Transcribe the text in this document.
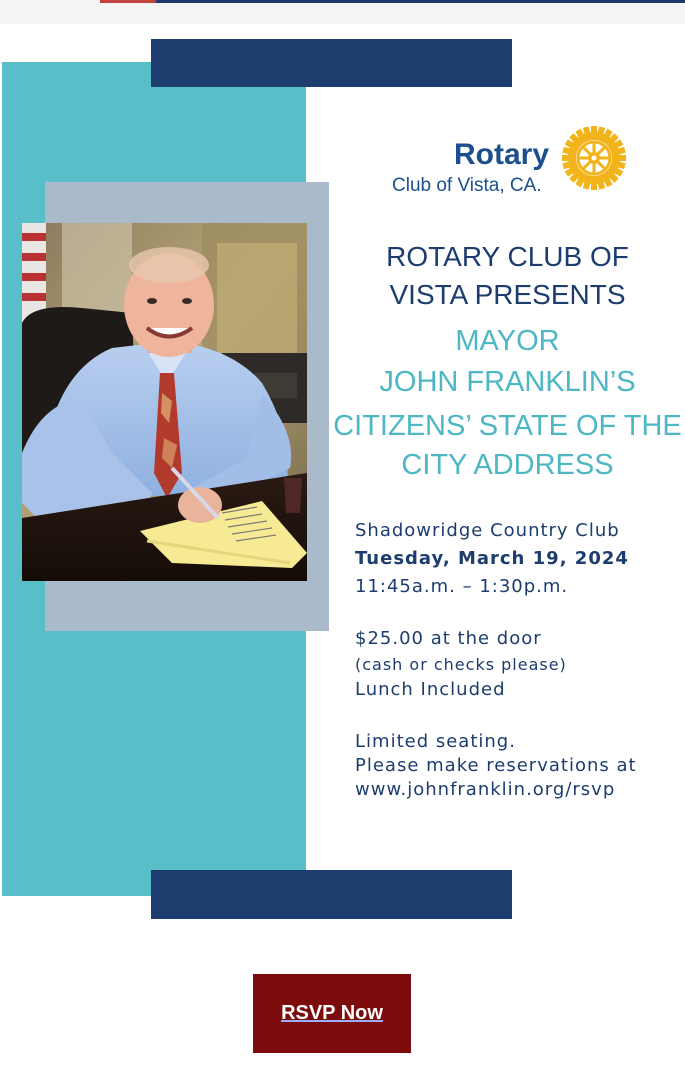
Rotary
Club of Vista, CA.
ROTARY CLUB OF
VISTA PRESENTS
MAYOR
JOHN FRANKLIN’S
CITIZENS’ STATE OF THE
CITY ADDRESS
Shadowridge Country Club
Tuesday, March 19, 2024
11:45a.m. – 1:30p.m.
$25.00 at the door
(cash or checks please)
Lunch Included
Limited seating.
Please make reservations at
www.johnfranklin.org/rsvp
RSVP Now
